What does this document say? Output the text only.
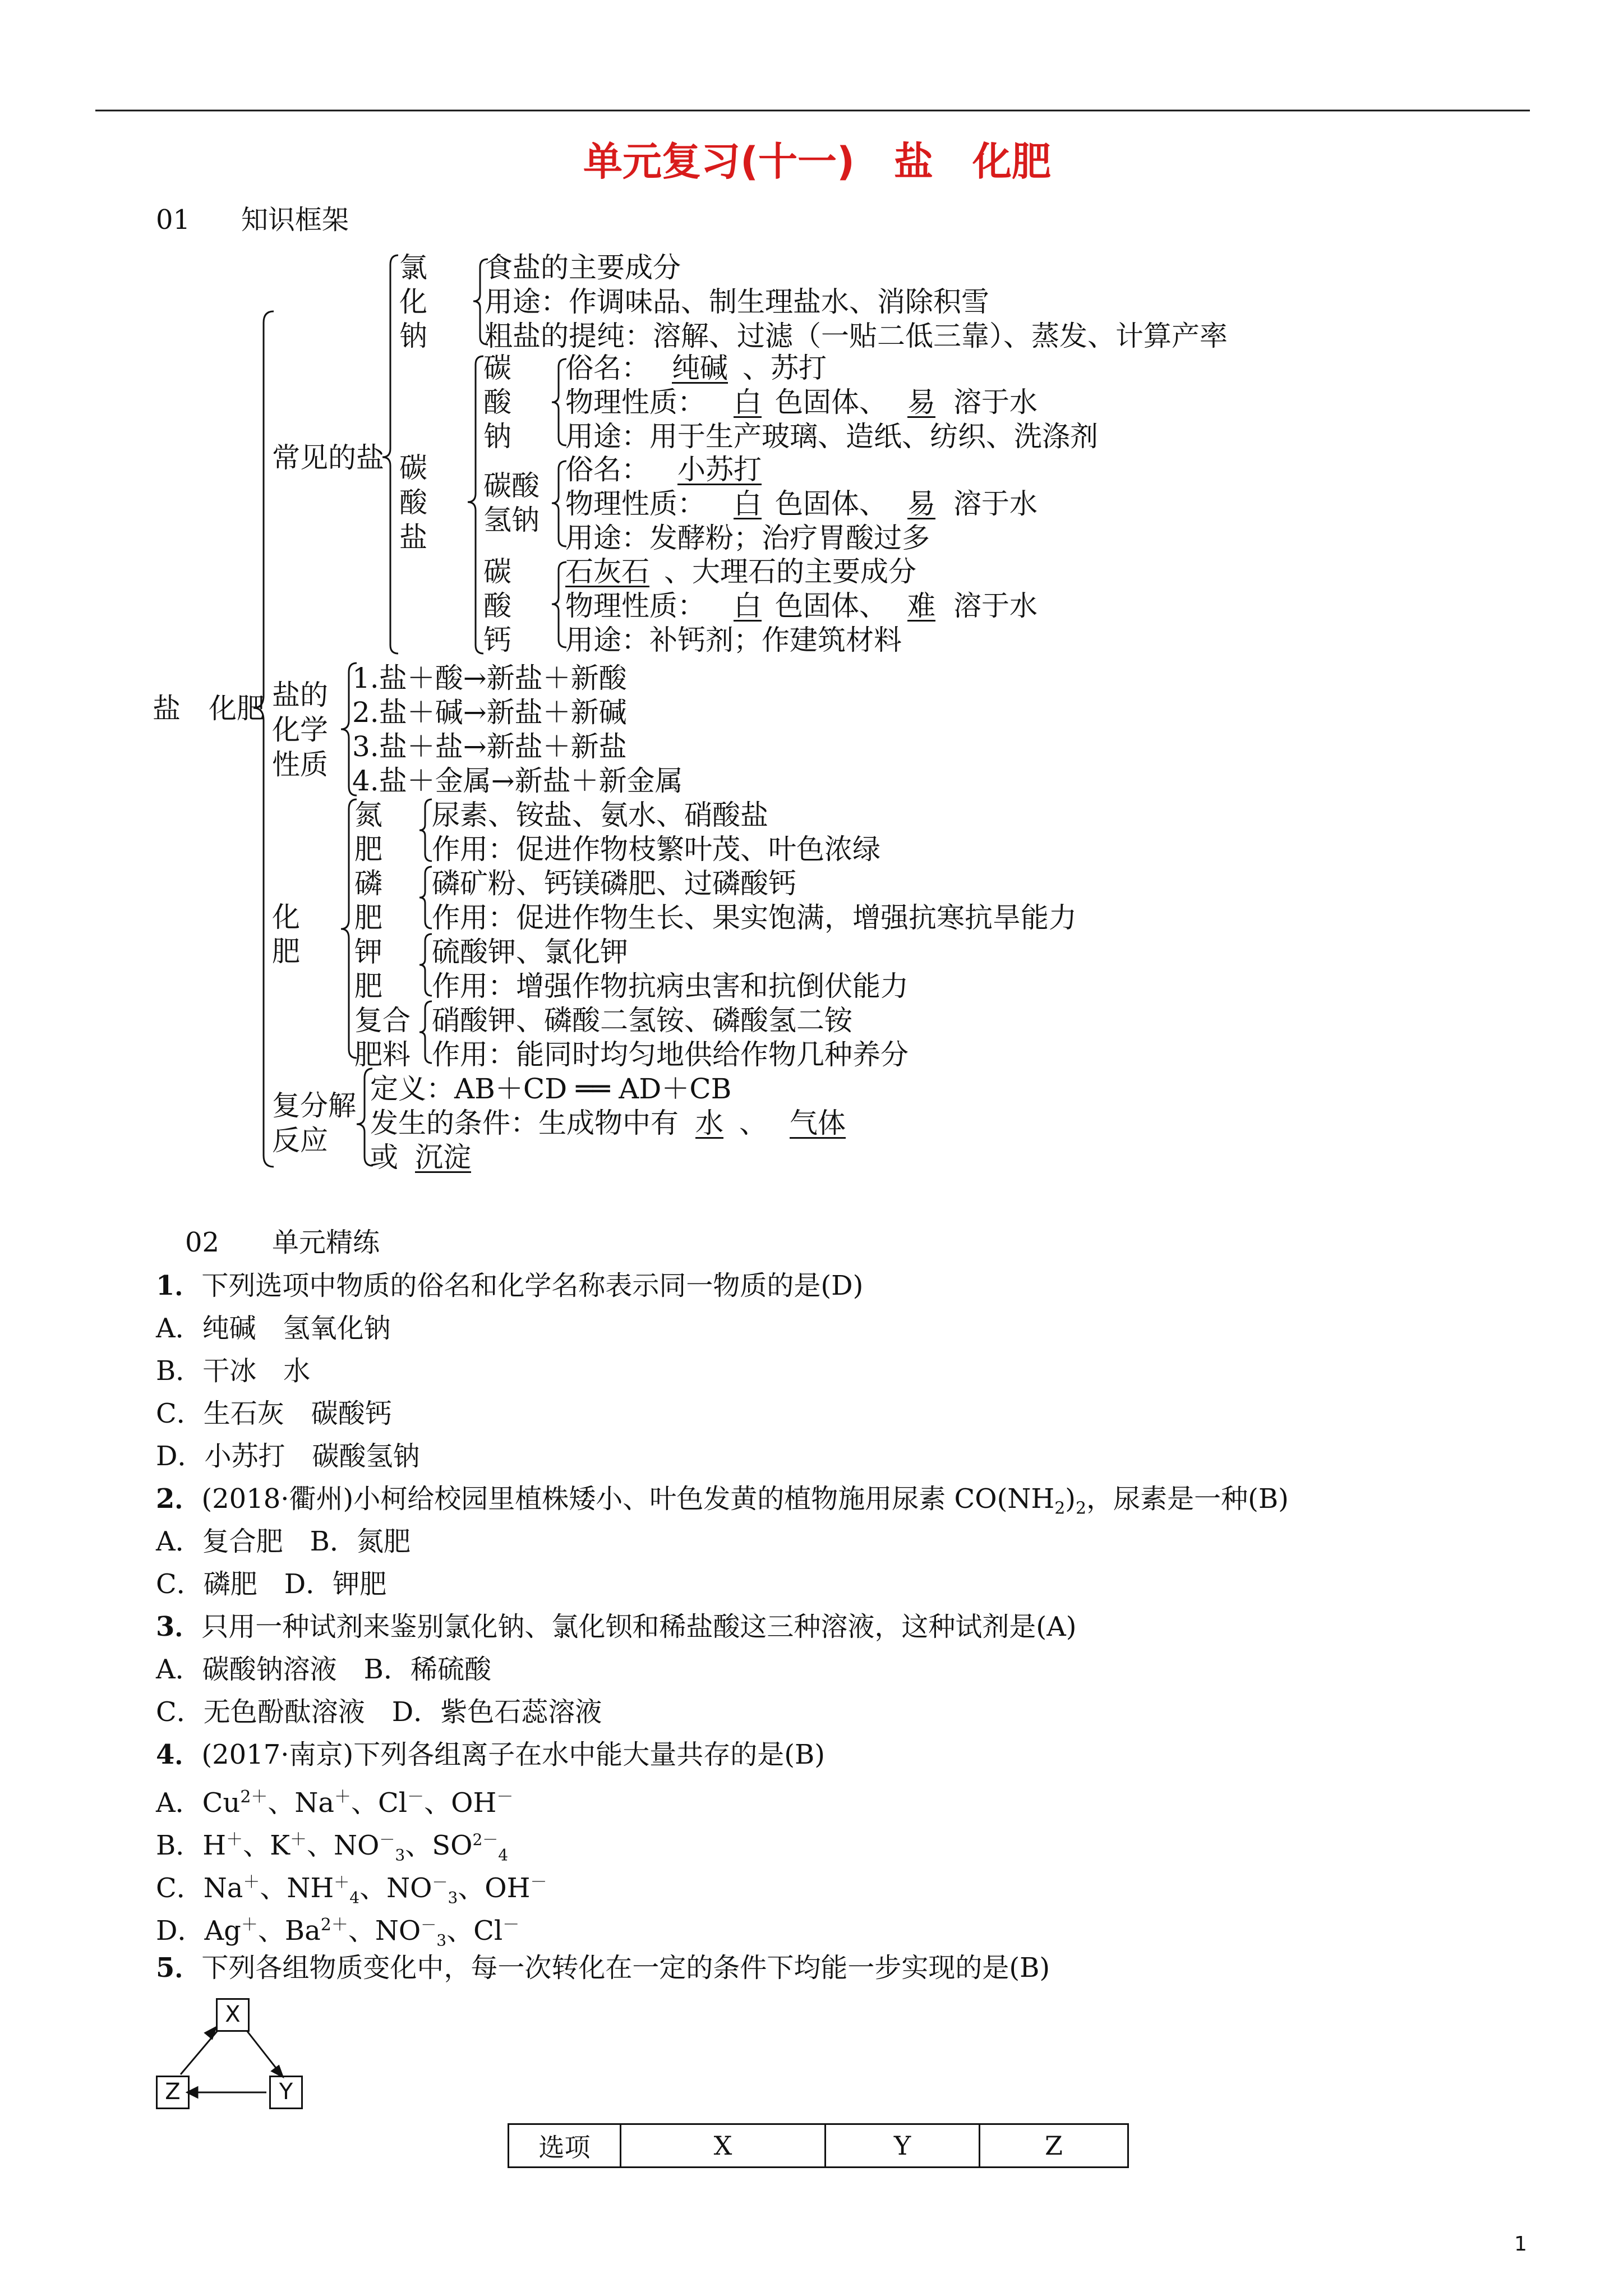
单元复习(十一)　盐　化肥
01 知识框架
盐　化肥
常见的盐
氯
化
钠
食盐的主要成分
用途：作调味品、制生理盐水、消除积雪
粗盐的提纯：溶解、过滤（一贴二低三靠）、蒸发、计算产率
碳
酸
盐
碳
酸
钠
俗名： 纯碱 、苏打
物理性质： 白 色固体、 易 溶于水
用途：用于生产玻璃、造纸、纺织、洗涤剂
碳酸
氢钠
俗名： 小苏打
物理性质： 白 色固体、 易 溶于水
用途：发酵粉；治疗胃酸过多
碳
酸
钙
石灰石 、大理石的主要成分
物理性质： 白 色固体、 难 溶于水
用途：补钙剂；作建筑材料
盐的
化学
性质
1.盐＋酸→新盐＋新酸
2.盐＋碱→新盐＋新碱
3.盐＋盐→新盐＋新盐
4.盐＋金属→新盐＋新金属
化
肥
氮
肥
尿素、铵盐、氨水、硝酸盐
作用：促进作物枝繁叶茂、叶色浓绿
磷
肥
磷矿粉、钙镁磷肥、过磷酸钙
作用：促进作物生长、果实饱满，增强抗寒抗旱能力
钾
肥
硫酸钾、氯化钾
作用：增强作物抗病虫害和抗倒伏能力
复合
肥料
硝酸钾、磷酸二氢铵、磷酸氢二铵
作用：能同时均匀地供给作物几种养分
复分解
反应
定义：AB＋CD ══ AD＋CB
发生的条件：生成物中有 水 、 气体
或 沉淀
02 单元精练
1．下列选项中物质的俗名和化学名称表示同一物质的是(D)
A．纯碱　氢氧化钠
B．干冰　水
C．生石灰　碳酸钙
D．小苏打　碳酸氢钠
2．(2018·衢州)小柯给校园里植株矮小、叶色发黄的植物施用尿素 $CO(NH_2)_2$，尿素是一种(B)
A．复合肥　B．氮肥
C．磷肥　D．钾肥
3．只用一种试剂来鉴别氯化钠、氯化钡和稀盐酸这三种溶液，这种试剂是(A)
A．碳酸钠溶液　B．稀硫酸
C．无色酚酞溶液　D．紫色石蕊溶液
4．(2017·南京)下列各组离子在水中能大量共存的是(B)
A．$Cu^{2+}$、Na＋、Cl－、OH－
B．H＋、K＋、$NO^-_3$、$SO^{2-}_4$
C．Na＋、$NH^+_4$、$NO^-_3$、OH－
D．Ag＋、$Ba^{2+}$、$NO^-_3$、Cl－
5．下列各组物质变化中，每一次转化在一定的条件下均能一步实现的是(B)
X
Z	Y
选项	X	Y	Z
1
